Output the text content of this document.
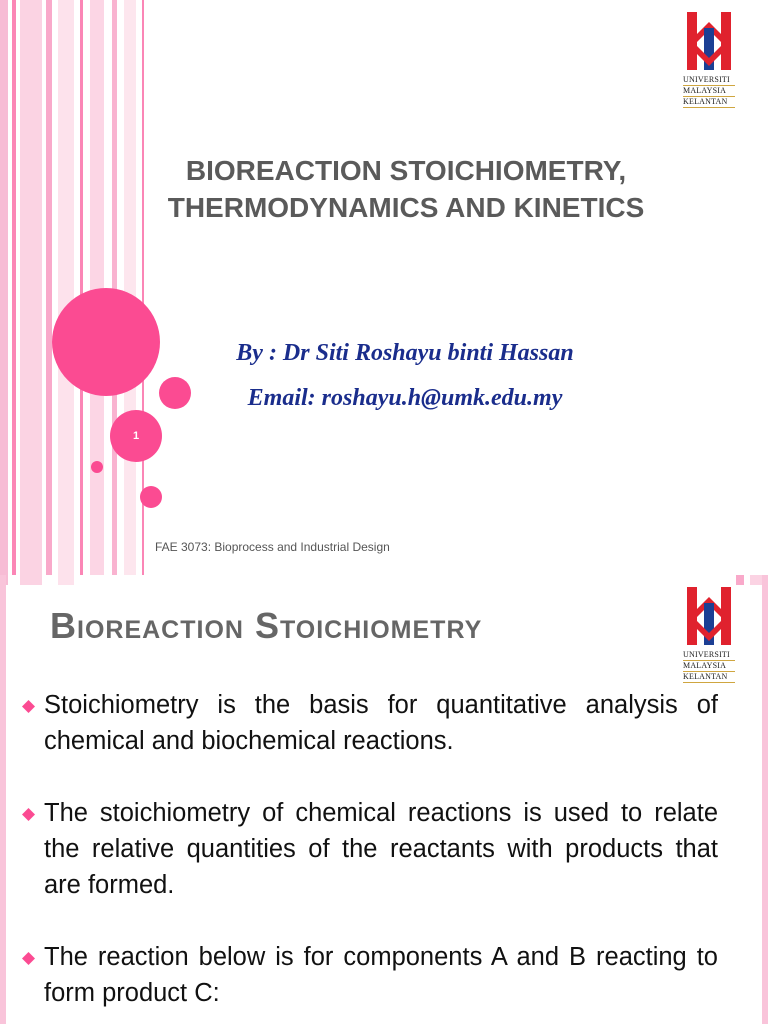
1
UNIVERSITI
MALAYSIA
KELANTAN
BIOREACTION STOICHIOMETRY, THERMODYNAMICS AND KINETICS
By : Dr Siti Roshayu binti Hassan
Email: roshayu.h@umk.edu.my
FAE 3073: Bioprocess and Industrial Design
UNIVERSITI
MALAYSIA
KELANTAN
Bioreaction Stoichiometry
Stoichiometry is the basis for quantitative analysis of chemical and biochemical reactions.
The stoichiometry of chemical reactions is used to relate the relative quantities of the reactants with products that are formed.
The reaction below is for components A and B reacting to form product C:
